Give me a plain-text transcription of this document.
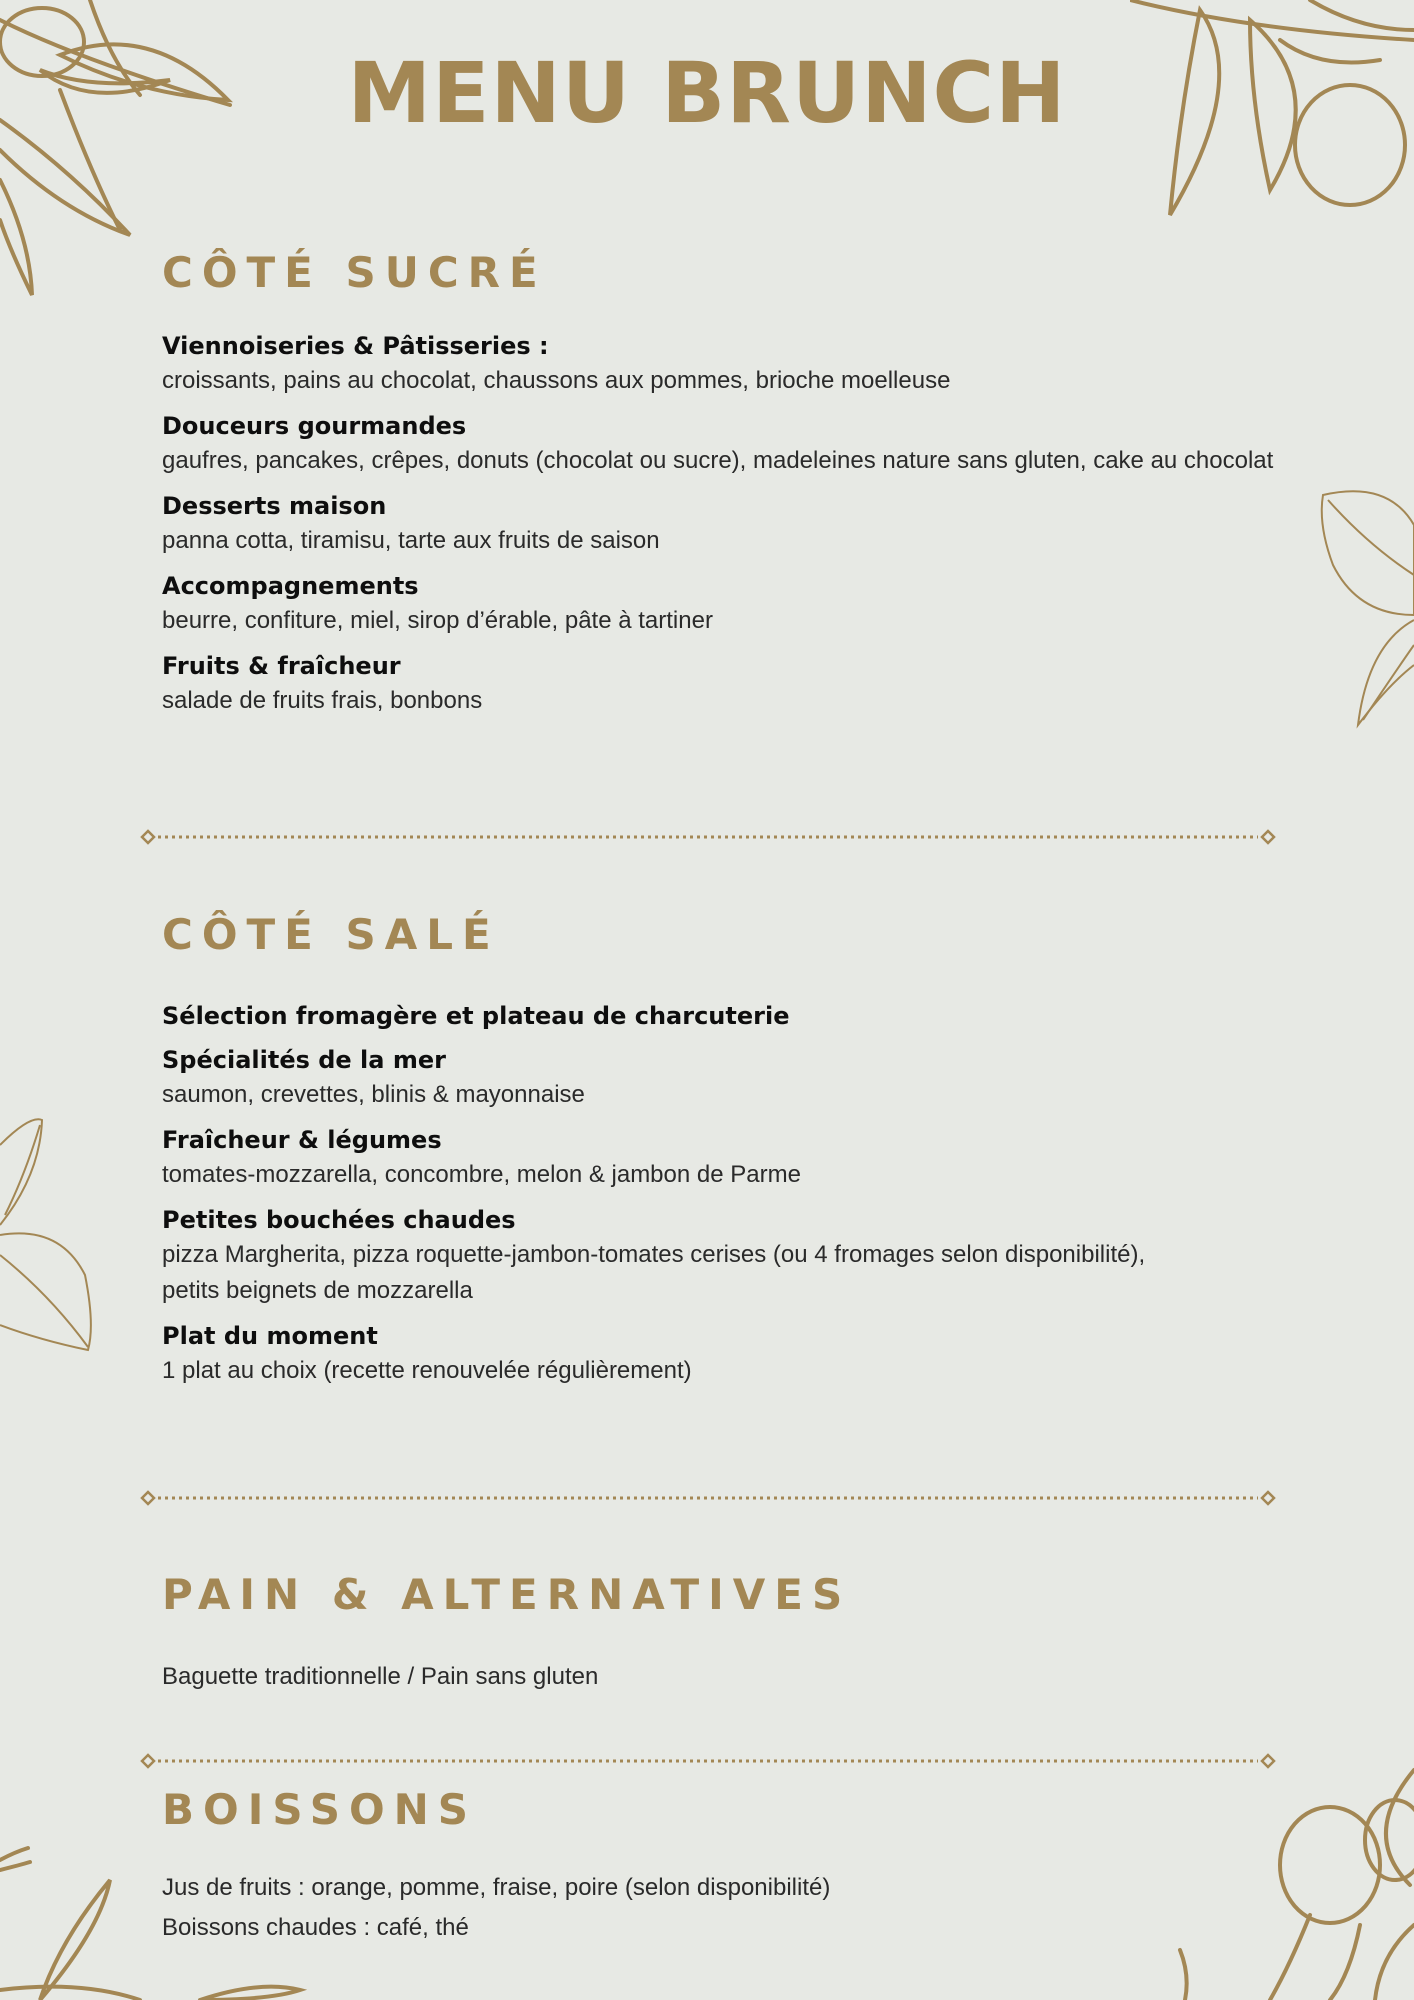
MENU BRUNCH
CÔTÉ SUCRÉ

Viennoiseries & Pâtisseries :

croissants, pains au chocolat, chaussons aux pommes, brioche moelleuse

Douceurs gourmandes

gaufres, pancakes, crêpes, donuts (chocolat ou sucre), madeleines nature sans gluten, cake au chocolat

Desserts maison

panna cotta, tiramisu, tarte aux fruits de saison

Accompagnements

beurre, confiture, miel, sirop d’érable, pâte à tartiner

Fruits & fraîcheur

salade de fruits frais, bonbons

CÔTÉ SALÉ

Sélection fromagère et plateau de charcuterie

Spécialités de la mer

saumon, crevettes, blinis & mayonnaise

Fraîcheur & légumes

tomates-mozzarella, concombre, melon & jambon de Parme

Petites bouchées chaudes

pizza Margherita, pizza roquette-jambon-tomates cerises (ou 4 fromages selon disponibilité), petits beignets de mozzarella

Plat du moment

1 plat au choix (recette renouvelée régulièrement)

PAIN & ALTERNATIVES

Baguette traditionnelle / Pain sans gluten

BOISSONS

Jus de fruits : orange, pomme, fraise, poire (selon disponibilité)

Boissons chaudes : café, thé
